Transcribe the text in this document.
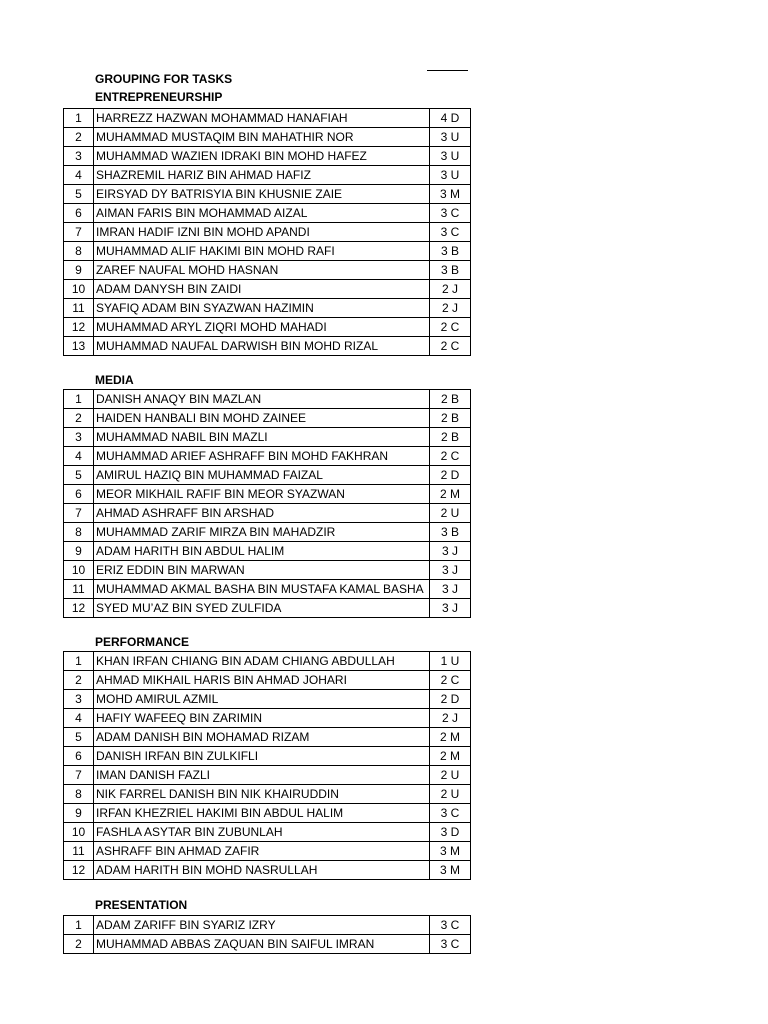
GROUPING FOR TASKS
ENTREPRENEURSHIP
1	HARREZZ HAZWAN MOHAMMAD HANAFIAH	4 D
2	MUHAMMAD MUSTAQIM BIN MAHATHIR NOR	3 U
3	MUHAMMAD WAZIEN IDRAKI BIN MOHD HAFEZ	3 U
4	SHAZREMIL HARIZ BIN AHMAD HAFIZ	3 U
5	EIRSYAD DY BATRISYIA BIN KHUSNIE ZAIE	3 M
6	AIMAN FARIS BIN MOHAMMAD AIZAL	3 C
7	IMRAN HADIF IZNI BIN MOHD APANDI	3 C
8	MUHAMMAD ALIF HAKIMI BIN MOHD RAFI	3 B
9	ZAREF NAUFAL MOHD HASNAN	3 B
10	ADAM DANYSH BIN ZAIDI	2 J
11	SYAFIQ ADAM BIN SYAZWAN HAZIMIN	2 J
12	MUHAMMAD ARYL ZIQRI MOHD MAHADI	2 C
13	MUHAMMAD NAUFAL DARWISH BIN MOHD RIZAL	2 C
MEDIA
1	DANISH ANAQY BIN MAZLAN	2 B
2	HAIDEN HANBALI BIN MOHD ZAINEE	2 B
3	MUHAMMAD NABIL BIN MAZLI	2 B
4	MUHAMMAD ARIEF ASHRAFF BIN MOHD FAKHRAN	2 C
5	AMIRUL HAZIQ BIN MUHAMMAD FAIZAL	2 D
6	MEOR MIKHAIL RAFIF BIN MEOR SYAZWAN	2 M
7	AHMAD ASHRAFF BIN ARSHAD	2 U
8	MUHAMMAD ZARIF MIRZA BIN MAHADZIR	3 B
9	ADAM HARITH BIN ABDUL HALIM	3 J
10	ERIZ EDDIN BIN MARWAN	3 J
11	MUHAMMAD AKMAL BASHA BIN MUSTAFA KAMAL BASHA	3 J
12	SYED MU’AZ BIN SYED ZULFIDA	3 J
PERFORMANCE
1	KHAN IRFAN CHIANG BIN ADAM CHIANG ABDULLAH	1 U
2	AHMAD MIKHAIL HARIS BIN AHMAD JOHARI	2 C
3	MOHD AMIRUL AZMIL	2 D
4	HAFIY WAFEEQ BIN ZARIMIN	2 J
5	ADAM DANISH BIN MOHAMAD RIZAM	2 M
6	DANISH IRFAN BIN ZULKIFLI	2 M
7	IMAN DANISH FAZLI	2 U
8	NIK FARREL DANISH BIN NIK KHAIRUDDIN	2 U
9	IRFAN KHEZRIEL HAKIMI BIN ABDUL HALIM	3 C
10	FASHLA ASYTAR BIN ZUBUNLAH	3 D
11	ASHRAFF BIN AHMAD ZAFIR	3 M
12	ADAM HARITH BIN MOHD NASRULLAH	3 M
PRESENTATION
1	ADAM ZARIFF BIN SYARIZ IZRY	3 C
2	MUHAMMAD ABBAS ZAQUAN BIN SAIFUL IMRAN	3 C
